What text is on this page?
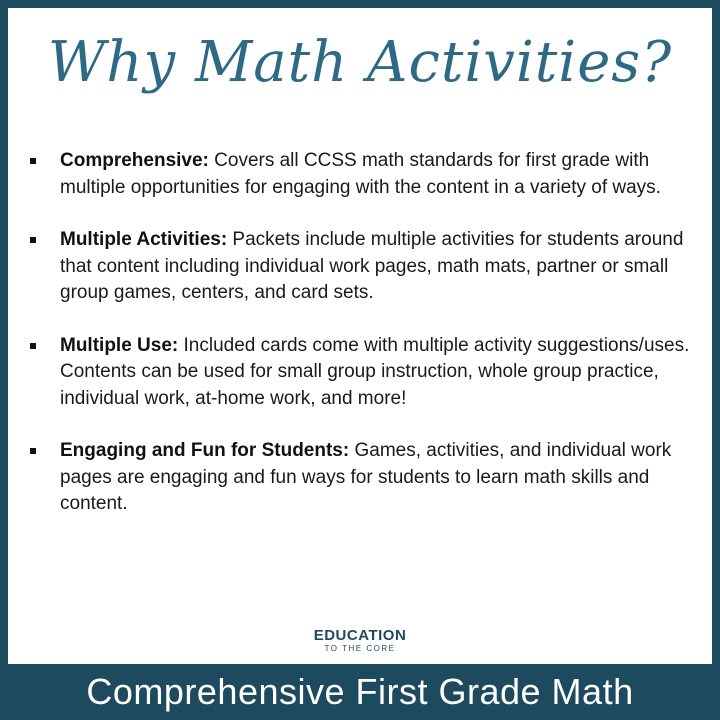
Why Math Activities?
Comprehensive: Covers all CCSS math standards for first grade with multiple opportunities for engaging with the content in a variety of ways.
Multiple Activities: Packets include multiple activities for students around that content including individual work pages, math mats, partner or small group games, centers, and card sets.
Multiple Use: Included cards come with multiple activity suggestions/uses. Contents can be used for small group instruction, whole group practice, individual work, at-home work, and more!
Engaging and Fun for Students: Games, activities, and individual work pages are engaging and fun ways for students to learn math skills and content.
EDUCATION
TO THE CORE
Comprehensive First Grade Math
